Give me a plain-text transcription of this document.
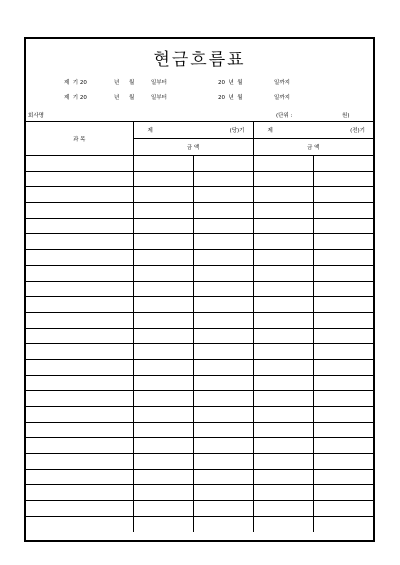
현금흐름표
제  기 20	년 월	일부터	20  년  월	일까지
제  기 20	년 월	일부터	20  년  월	일까지
회사명	(단위 :	원)
과 목	제 (당)기		제 (전)기	

	금 액		금 액	
